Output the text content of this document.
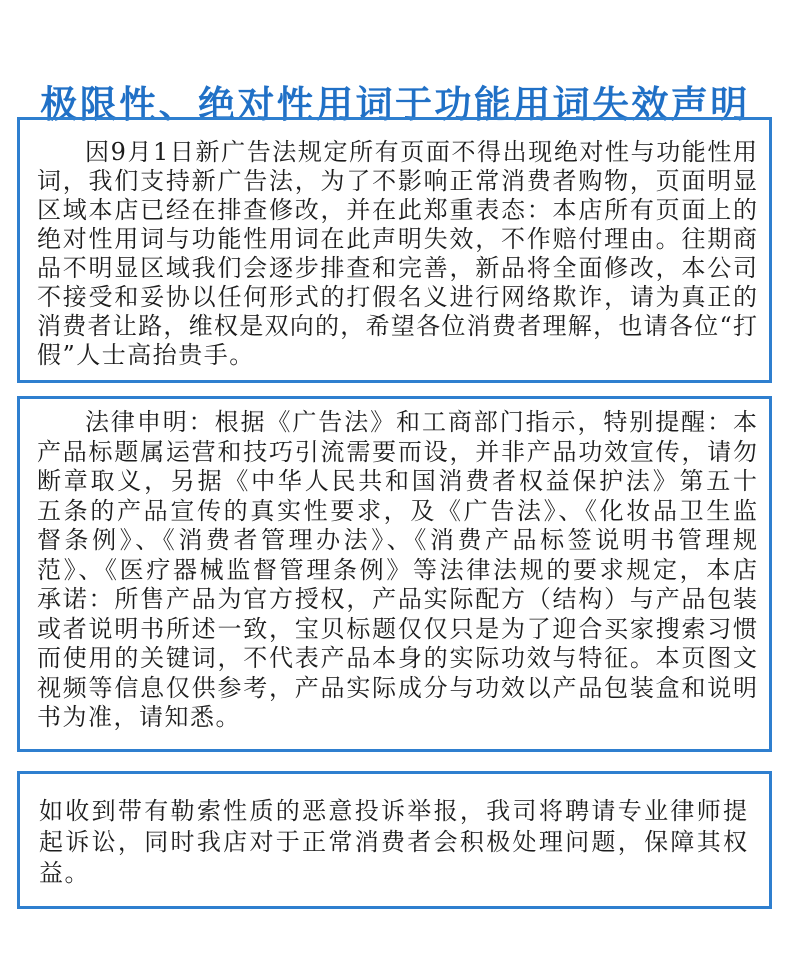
极限性、绝对性用词于功能用词失效声明
因9月1日新广告法规定所有页面不得出现绝对性与功能性用
词，我们支持新广告法，为了不影响正常消费者购物，页面明显
区域本店已经在排查修改，并在此郑重表态：本店所有页面上的
绝对性用词与功能性用词在此声明失效，不作赔付理由。往期商
品不明显区域我们会逐步排查和完善，新品将全面修改，本公司
不接受和妥协以任何形式的打假名义进行网络欺诈，请为真正的
消费者让路，维权是双向的，希望各位消费者理解，也请各位“打
假”人士高抬贵手。
法律申明：根据《广告法》和工商部门指示，特别提醒：本
产品标题属运营和技巧引流需要而设，并非产品功效宣传，请勿
断章取义，另据《中华人民共和国消费者权益保护法》第五十
五条的产品宣传的真实性要求，及《广告法》、《化妆品卫生监
督条例》、《消费者管理办法》、《消费产品标签说明书管理规
范》、《医疗器械监督管理条例》等法律法规的要求规定，本店
承诺：所售产品为官方授权，产品实际配方（结构）与产品包装
或者说明书所述一致，宝贝标题仅仅只是为了迎合买家搜索习惯
而使用的关键词，不代表产品本身的实际功效与特征。本页图文
视频等信息仅供参考，产品实际成分与功效以产品包装盒和说明
书为准，请知悉。
如收到带有勒索性质的恶意投诉举报，我司将聘请专业律师提
起诉讼，同时我店对于正常消费者会积极处理问题，保障其权
益。
